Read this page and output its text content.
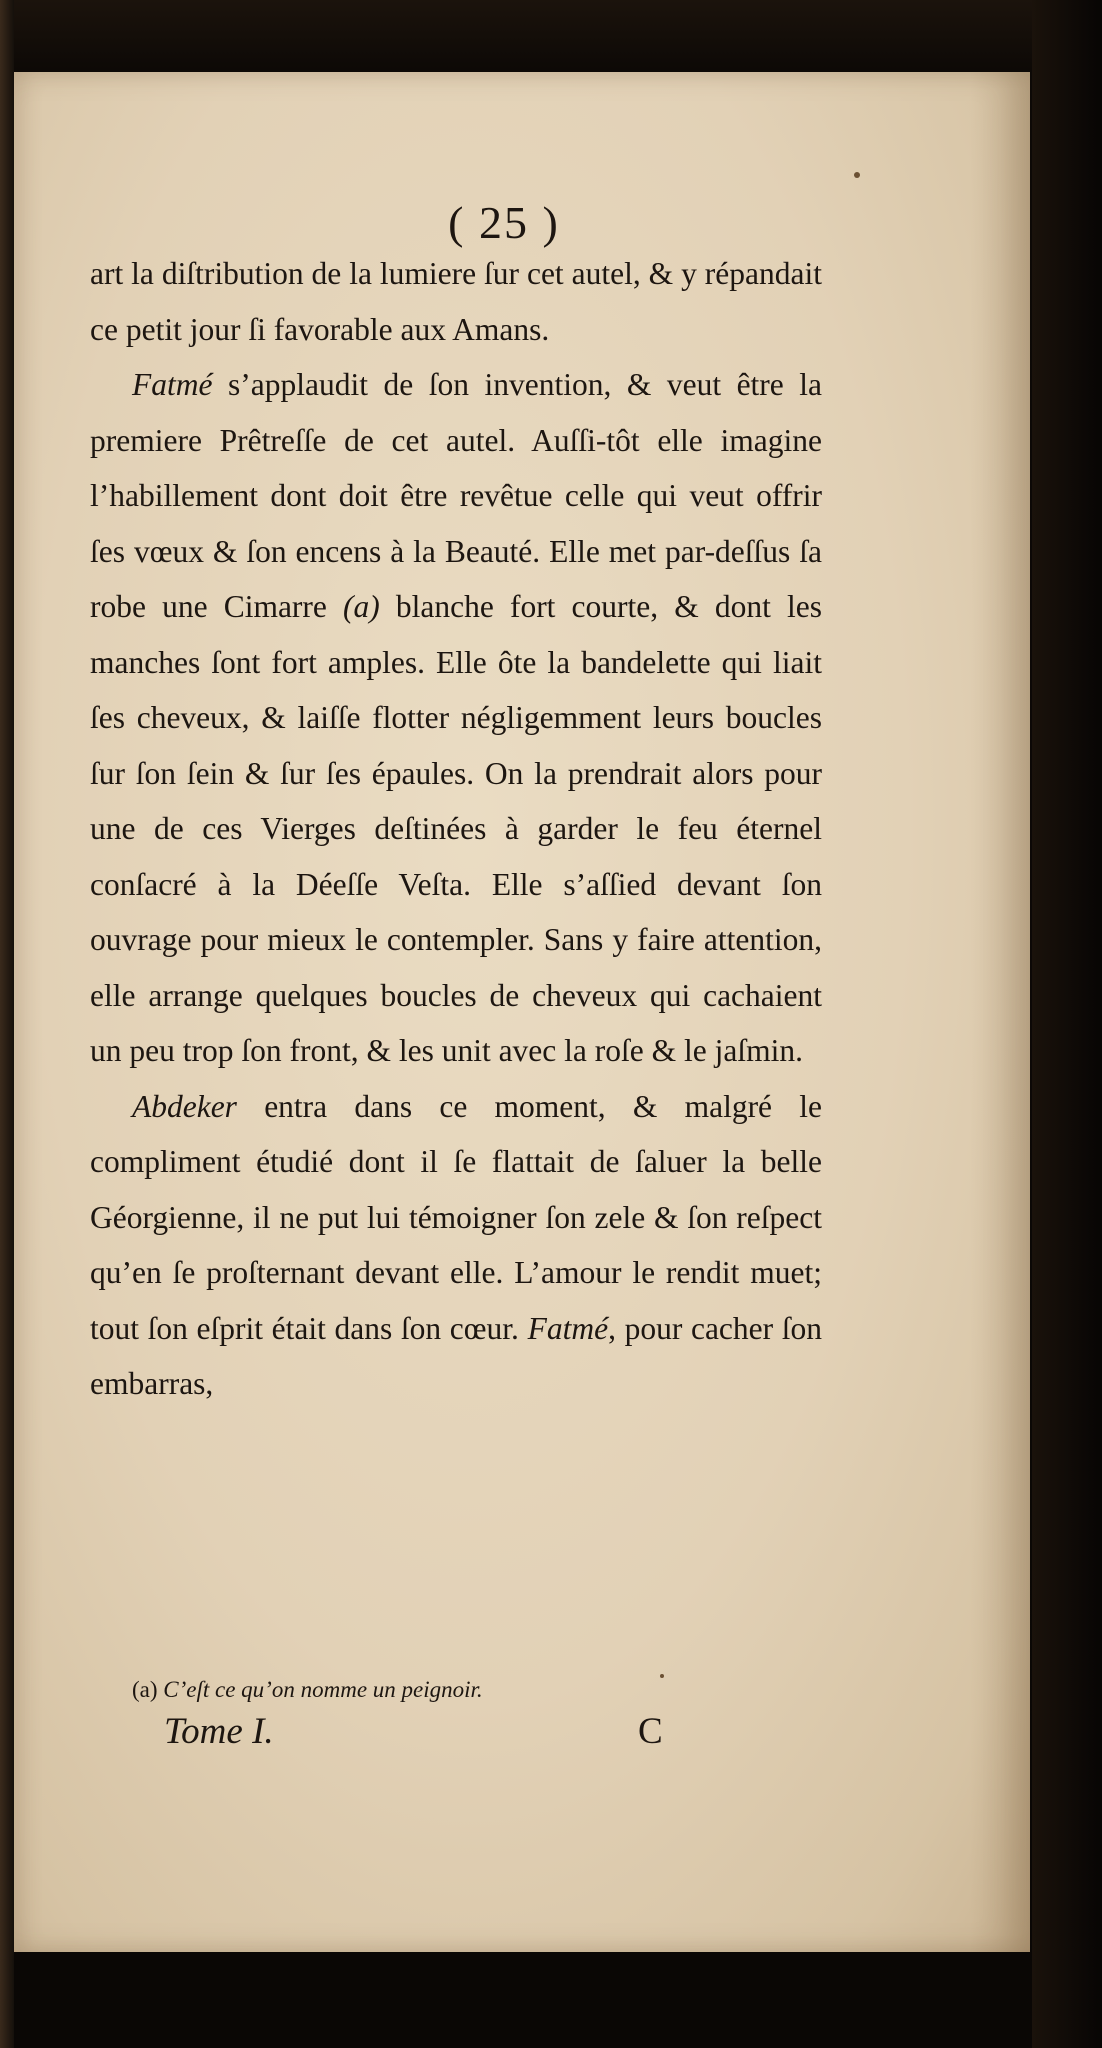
( 25 )

art la diſtribution de la lumiere ſur cet autel, & y répandait ce petit jour ſi favorable aux Amans.

Fatmé s’applaudit de ſon invention, & veut être la premiere Prêtreſſe de cet autel. Auſſi-tôt elle imagine l’habillement dont doit être revêtue celle qui veut offrir ſes vœux & ſon encens à la Beauté. Elle met par-deſſus ſa robe une Cimarre (a) blanche fort courte, & dont les manches ſont fort amples. Elle ôte la bandelette qui liait ſes cheveux, & laiſſe flotter négligemment leurs boucles ſur ſon ſein & ſur ſes épaules. On la prendrait alors pour une de ces Vierges deſtinées à garder le feu éternel conſacré à la Déeſſe Veſta. Elle s’aſſied devant ſon ouvrage pour mieux le contempler. Sans y faire attention, elle arrange quelques boucles de cheveux qui cachaient un peu trop ſon front, & les unit avec la roſe & le jaſmin.

Abdeker entra dans ce moment, & malgré le compliment étudié dont il ſe flattait de ſaluer la belle Géorgienne, il ne put lui témoigner ſon zele & ſon reſpect qu’en ſe proſternant devant elle. L’amour le rendit muet; tout ſon eſprit était dans ſon cœur. Fatmé, pour cacher ſon embarras,

(a) C’eſt ce qu’on nomme un peignoir.
Tome I.	C
